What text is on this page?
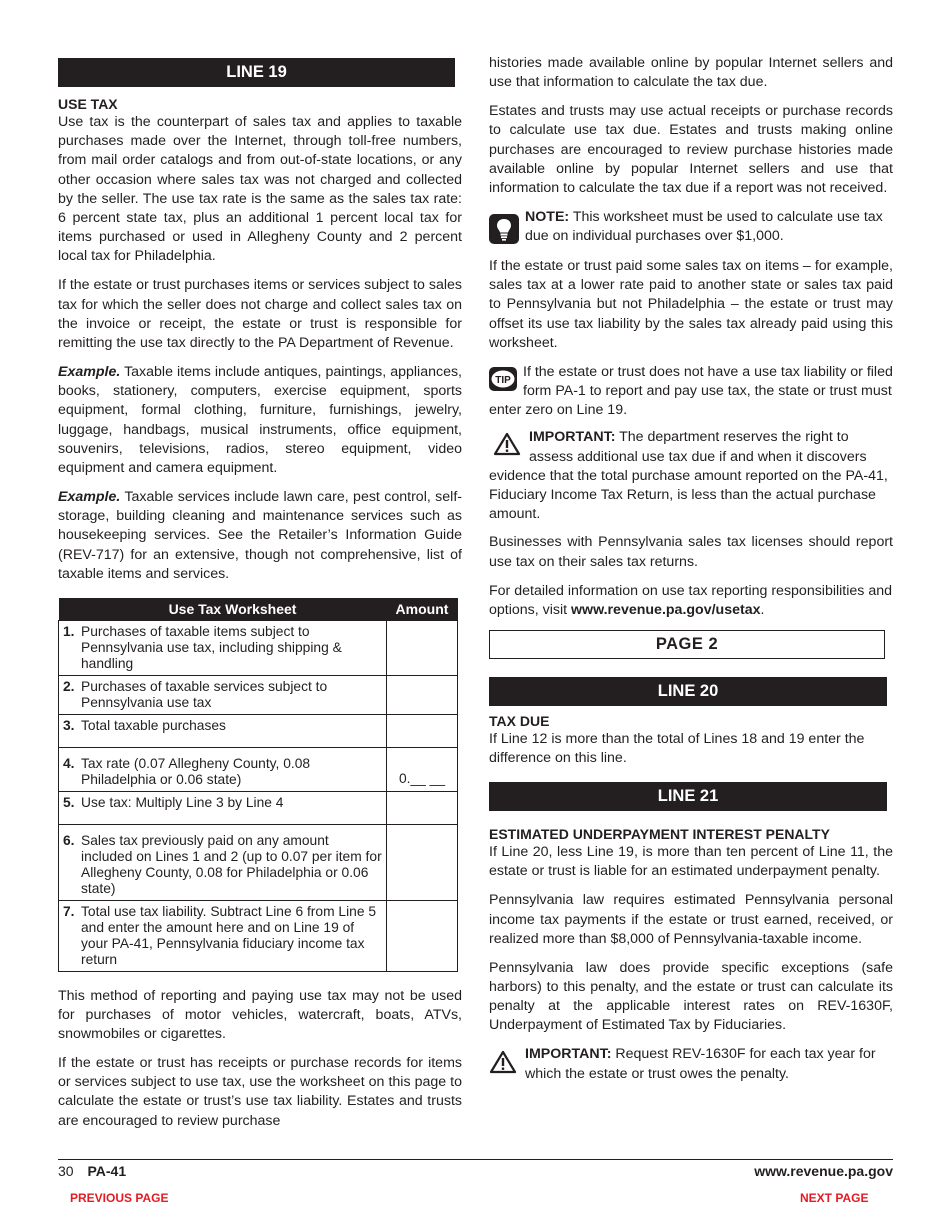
LINE 19
USE TAX

Use tax is the counterpart of sales tax and applies to taxable purchases made over the Internet, through toll-free numbers, from mail order catalogs and from out-of-state locations, or any other occasion where sales tax was not charged and collected by the seller. The use tax rate is the same as the sales tax rate: 6 percent state tax, plus an additional 1 percent local tax for items purchased or used in Allegheny County and 2 percent local tax for Philadelphia.

If the estate or trust purchases items or services subject to sales tax for which the seller does not charge and collect sales tax on the invoice or receipt, the estate or trust is responsible for remitting the use tax directly to the PA Department of Revenue.

Example. Taxable items include antiques, paintings, appliances, books, stationery, computers, exercise equipment, sports equipment, formal clothing, furniture, furnishings, jewelry, luggage, handbags, musical instruments, office equipment, souvenirs, televisions, radios, stereo equipment, video equipment and camera equipment.

Example. Taxable services include lawn care, pest control, self-storage, building cleaning and maintenance services such as housekeeping services. See the Retailer’s Information Guide (REV-717) for an extensive, though not comprehensive, list of taxable items and services.

Use Tax Worksheet	Amount

1. Purchases of taxable items subject to Pennsylvania use tax, including shipping & handling	

2. Purchases of taxable services subject to Pennsylvania use tax	

3. Total taxable purchases	

4. Tax rate (0.07 Allegheny County, 0.08 Philadelphia or 0.06 state)	0.__ __

5. Use tax: Multiply Line 3 by Line 4	

6. Sales tax previously paid on any amount included on Lines 1 and 2 (up to 0.07 per item for Allegheny County, 0.08 for Philadelphia or 0.06 state)	

7. Total use tax liability. Subtract Line 6 from Line 5 and enter the amount here and on Line 19 of your PA-41, Pennsylvania fiduciary income tax return	

This method of reporting and paying use tax may not be used for purchases of motor vehicles, watercraft, boats, ATVs, snowmobiles or cigarettes.

If the estate or trust has receipts or purchase records for items or services subject to use tax, use the worksheet on this page to calculate the estate or trust’s use tax liability. Estates and trusts are encouraged to review purchase

histories made available online by popular Internet sellers and use that information to calculate the tax due.

Estates and trusts may use actual receipts or purchase records to calculate use tax due. Estates and trusts making online purchases are encouraged to review purchase histories made available online by popular Internet sellers and use that information to calculate the tax due if a report was not received.

NOTE: This worksheet must be used to calculate use tax due on individual purchases over $1,000.

If the estate or trust paid some sales tax on items – for example, sales tax at a lower rate paid to another state or sales tax paid to Pennsylvania but not Philadelphia – the estate or trust may offset its use tax liability by the sales tax already paid using this worksheet.

TIP
If the estate or trust does not have a use tax liability or filed form PA-1 to report and pay use tax, the state or trust must enter zero on Line 19.
IMPORTANT: The department reserves the right to assess additional use tax due if and when it discovers evidence that the total purchase amount reported on the PA-41, Fiduciary Income Tax Return, is less than the actual purchase amount.

Businesses with Pennsylvania sales tax licenses should report use tax on their sales tax returns.

For detailed information on use tax reporting responsibilities and options, visit www.revenue.pa.gov/usetax.

PAGE 2
LINE 20
TAX DUE

If Line 12 is more than the total of Lines 18 and 19 enter the difference on this line.

LINE 21
ESTIMATED UNDERPAYMENT INTEREST PENALTY

If Line 20, less Line 19, is more than ten percent of Line 11, the estate or trust is liable for an estimated underpayment penalty.

Pennsylvania law requires estimated Pennsylvania personal income tax payments if the estate or trust earned, received, or realized more than $8,000 of Pennsylvania-taxable income.

Pennsylvania law does provide specific exceptions (safe harbors) to this penalty, and the estate or trust can calculate its penalty at the applicable interest rates on REV-1630F, Underpayment of Estimated Tax by Fiduciaries.

IMPORTANT: Request REV-1630F for each tax year for which the estate or trust owes the penalty.
30 PA-41	www.revenue.pa.gov
PREVIOUS PAGE	NEXT PAGE
